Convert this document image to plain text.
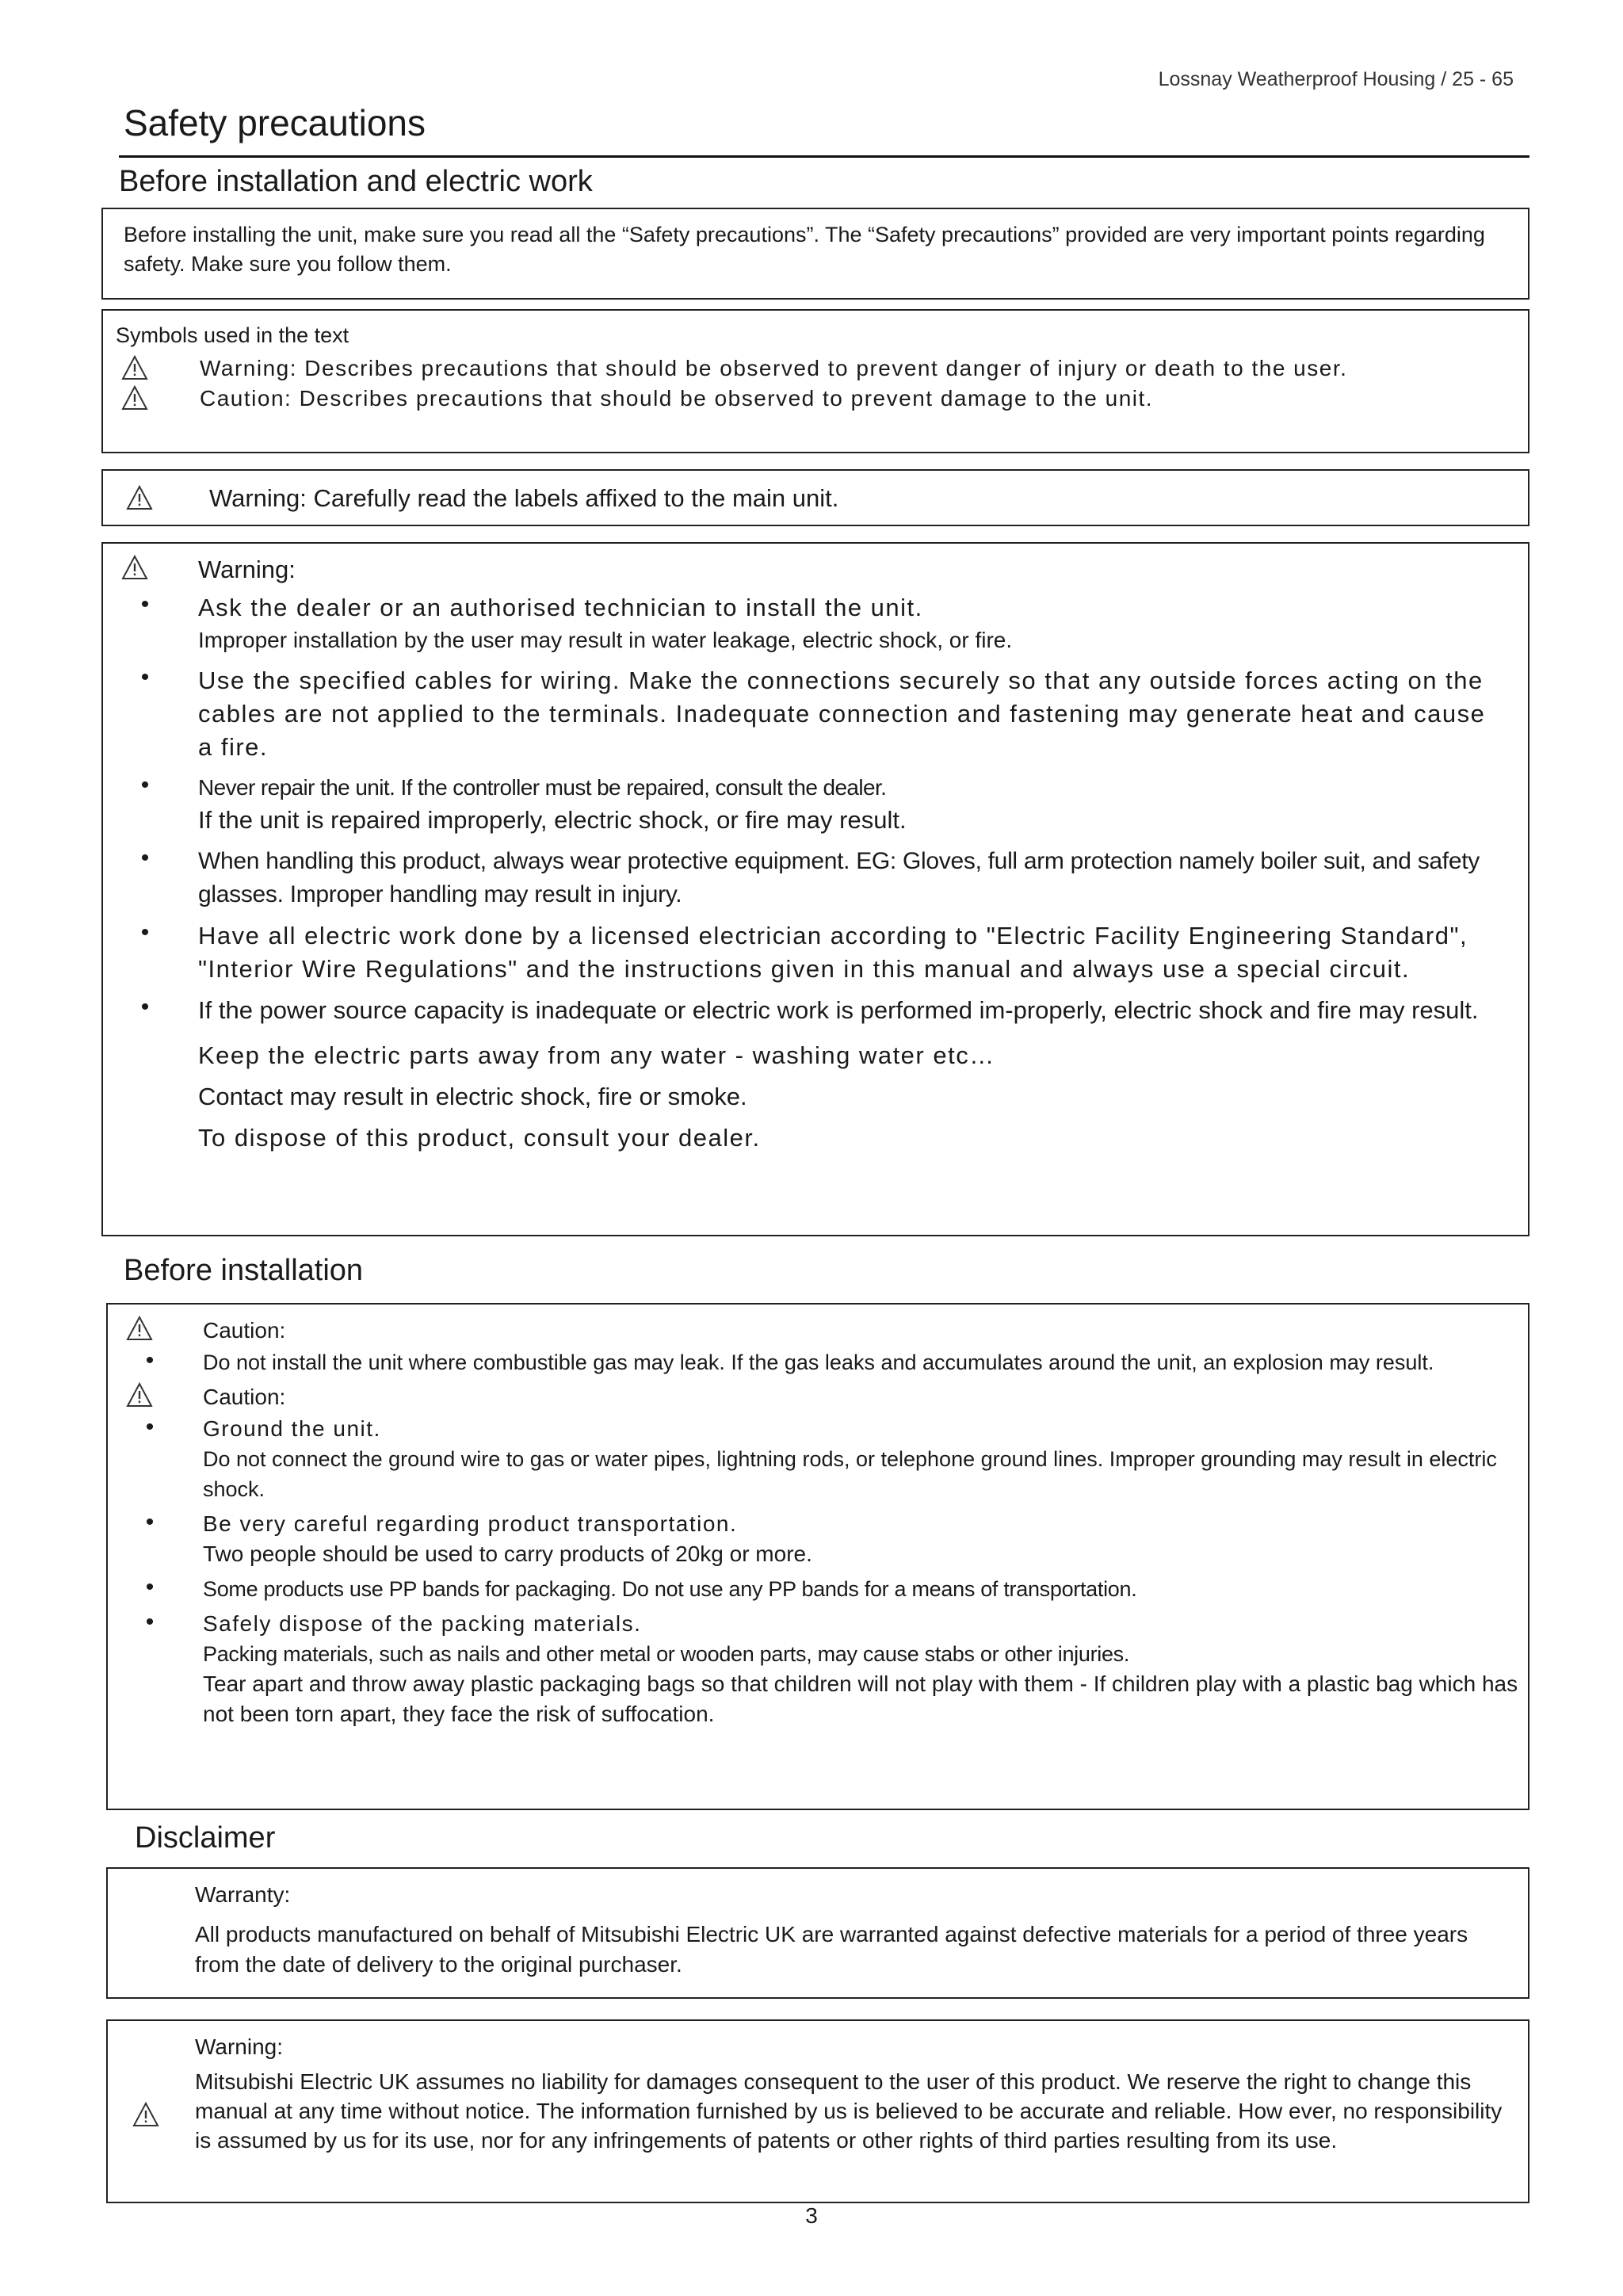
Lossnay Weatherproof Housing / 25 - 65
Safety precautions
Before installation and electric work

Before installing the unit, make sure you read all the “Safety precautions”. The “Safety precautions” provided are very important points regarding safety. Make sure you follow them.

Symbols used in the text

Warning: Describes precautions that should be observed to prevent danger of injury or death to the user.

Caution: Describes precautions that should be observed to prevent damage to the unit.

Warning: Carefully read the labels affixed to the main unit.

Warning:

•	Ask the dealer or an authorised technician to install the unit.

Improper installation by the user may result in water leakage, electric shock, or fire.

•	Use the specified cables for wiring. Make the connections securely so that any outside forces acting on the cables are not applied to the terminals. Inadequate connection and fastening may generate heat and cause a fire.

•	Never repair the unit. If the controller must be repaired, consult the dealer.

If the unit is repaired improperly, electric shock, or fire may result.

•	When handling this product, always wear protective equipment. EG: Gloves, full arm protection namely boiler suit, and safety glasses. Improper handling may result in injury.

•	Have all electric work done by a licensed electrician according to "Electric Facility Engineering Standard", "Interior Wire Regulations" and the instructions given in this manual and always use a special circuit.

•	If the power source capacity is inadequate or electric work is performed im-properly, electric shock and fire may result.

Keep the electric parts away from any water - washing water etc…

Contact may result in electric shock, fire or smoke.

To dispose of this product, consult your dealer.

Before installation

Caution:

•	Do not install the unit where combustible gas may leak. If the gas leaks and accumulates around the unit, an explosion may result.

Caution:

•	Ground the unit.

Do not connect the ground wire to gas or water pipes, lightning rods, or telephone ground lines. Improper grounding may result in electric shock.

•	Be very careful regarding product transportation.

Two people should be used to carry products of 20kg or more.

•	Some products use PP bands for packaging. Do not use any PP bands for a means of transportation.

•	Safely dispose of the packing materials.

Packing materials, such as nails and other metal or wooden parts, may cause stabs or other injuries.

Tear apart and throw away plastic packaging bags so that children will not play with them - If children play with a plastic bag which has not been torn apart, they face the risk of suffocation.

Disclaimer

Warranty:

All products manufactured on behalf of Mitsubishi Electric UK are warranted against defective materials for a period of three years from the date of delivery to the original purchaser.

Warning:

Mitsubishi Electric UK assumes no liability for damages consequent to the user of this product. We reserve the right to change this manual at any time without notice. The information furnished by us is believed to be accurate and reliable. How ever, no responsibility is assumed by us for its use, nor for any infringements of patents or other rights of third parties resulting from its use.

3
